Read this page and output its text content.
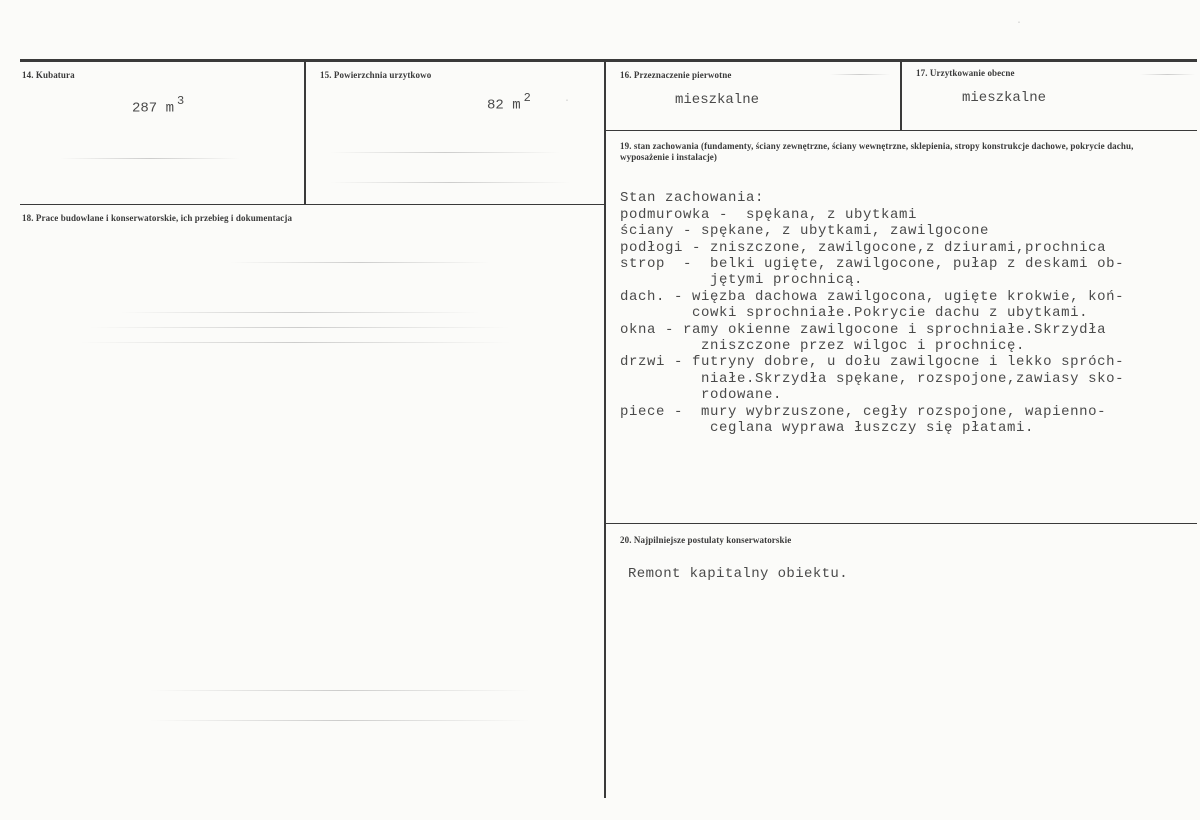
·
·
14. Kubatura
287 m $^3$
15. Powierzchnia urzytkowo
82 m $^2$
16. Przeznaczenie pierwotne
mieszkalne
17. Urzytkowanie obecne
mieszkalne
18. Prace budowlane i konserwatorskie, ich przebieg i dokumentacja
19. stan zachowania (fundamenty, ściany zewnętrzne, ściany wewnętrzne, sklepienia, stropy konstrukcje dachowe, pokrycie dachu, wyposażenie i instalacje)

Stan zachowania:
podmurowka -  spękana, z ubytkami
ściany - spękane, z ubytkami, zawilgocone
podłogi - zniszczone, zawilgocone,z dziurami,prochnica
strop  -  belki ugięte, zawilgocone, pułap z deskami ob-
jętymi prochnicą.
dach. - więzba dachowa zawilgocona, ugięte krokwie, koń-
cowki sprochniałe.Pokrycie dachu z ubytkami.
okna - ramy okienne zawilgocone i sprochniałe.Skrzydła
zniszczone przez wilgoc i prochnicę.
drzwi - futryny dobre, u dołu zawilgocne i lekko spróch-
niałe.Skrzydła spękane, rozspojone,zawiasy sko-
rodowane.
piece -  mury wybrzuszone, cegły rozspojone, wapienno-
ceglana wyprawa łuszczy się płatami.
20. Najpilniejsze postulaty konserwatorskie
Remont kapitalny obiektu.
